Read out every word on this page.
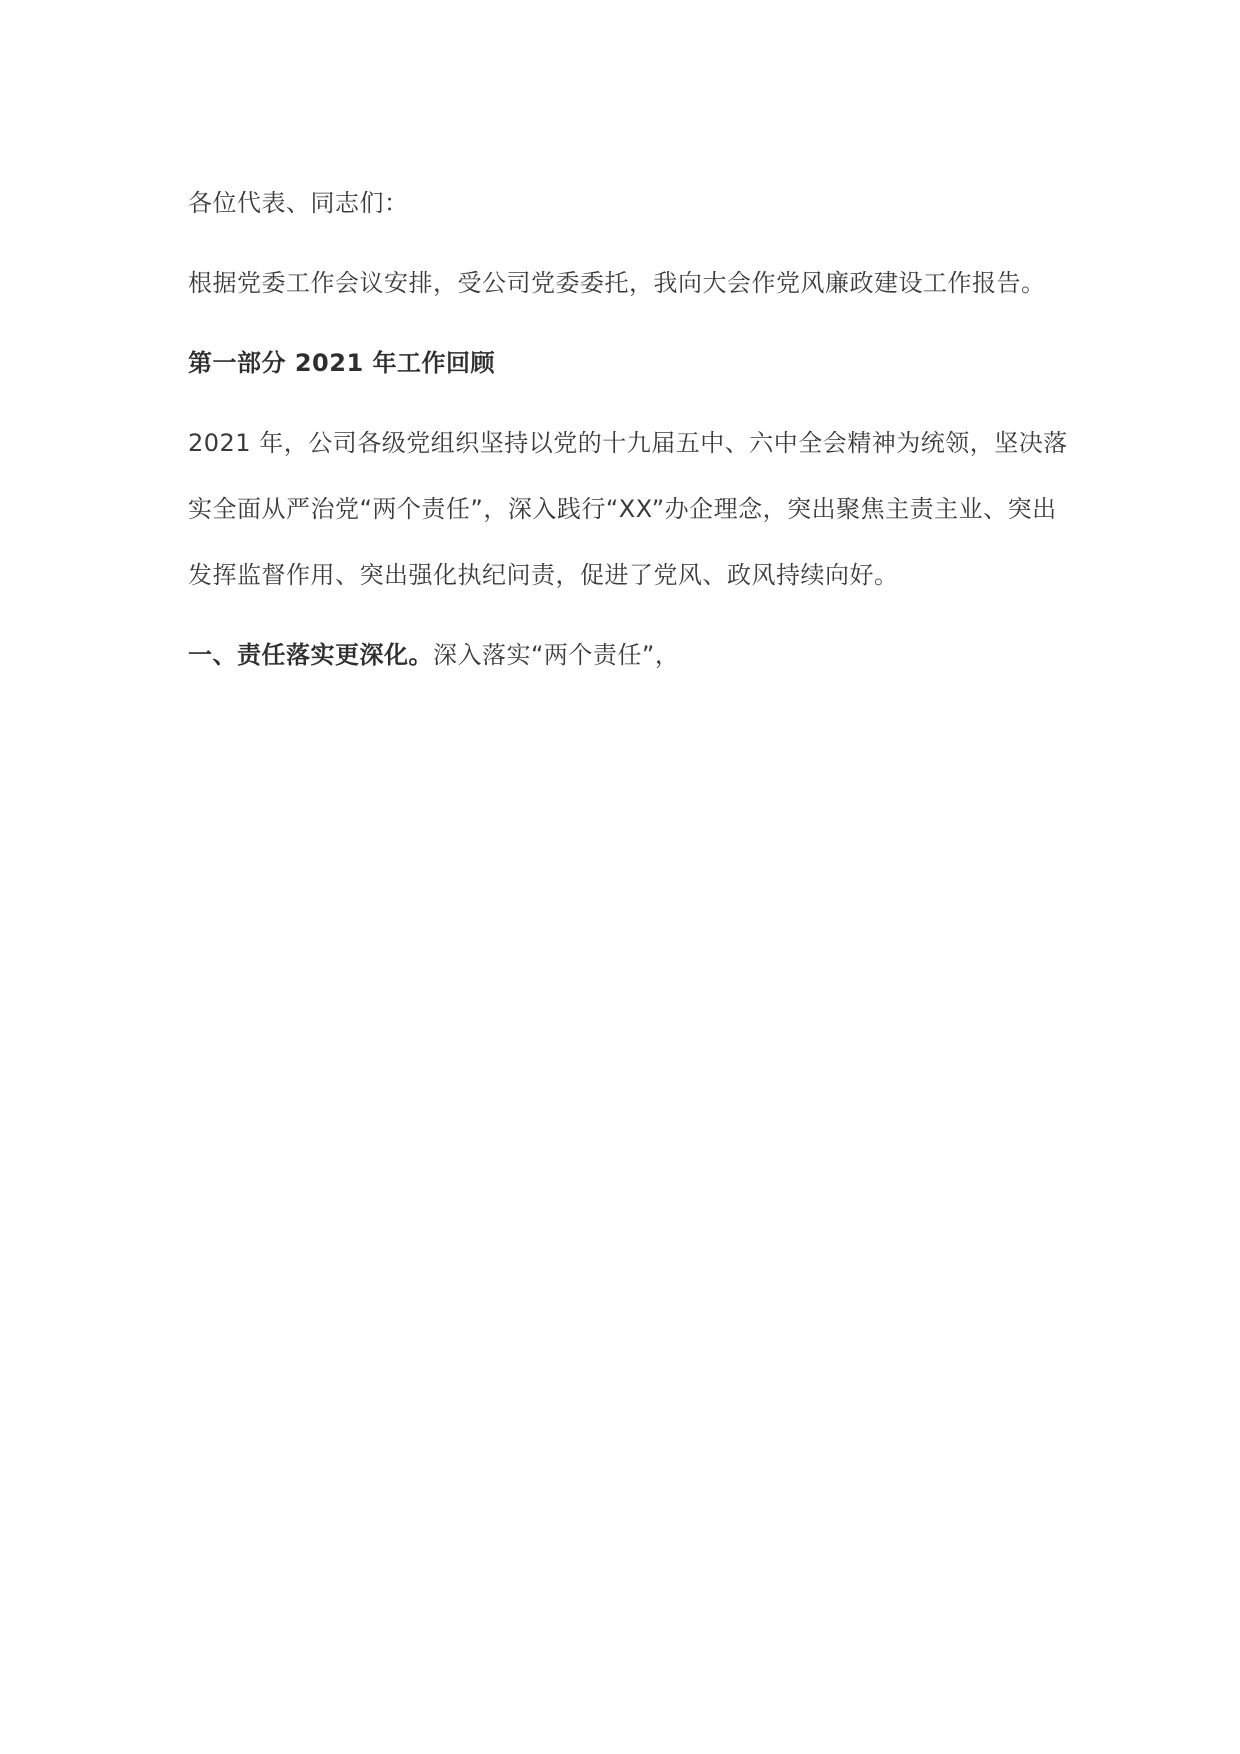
各位代表、同志们：

根据党委工作会议安排，受公司党委委托，我向大会作党风廉政建设工作报告。

第一部分 2021 年工作回顾

2021 年，公司各级党组织坚持以党的十九届五中、六中全会精神为统领，坚决落实全面从严治党“两个责任”，深入践行“XX”办企理念，突出聚焦主责主业、突出发挥监督作用、突出强化执纪问责，促进了党风、政风持续向好。

一、责任落实更深化。深入落实“两个责任”，
